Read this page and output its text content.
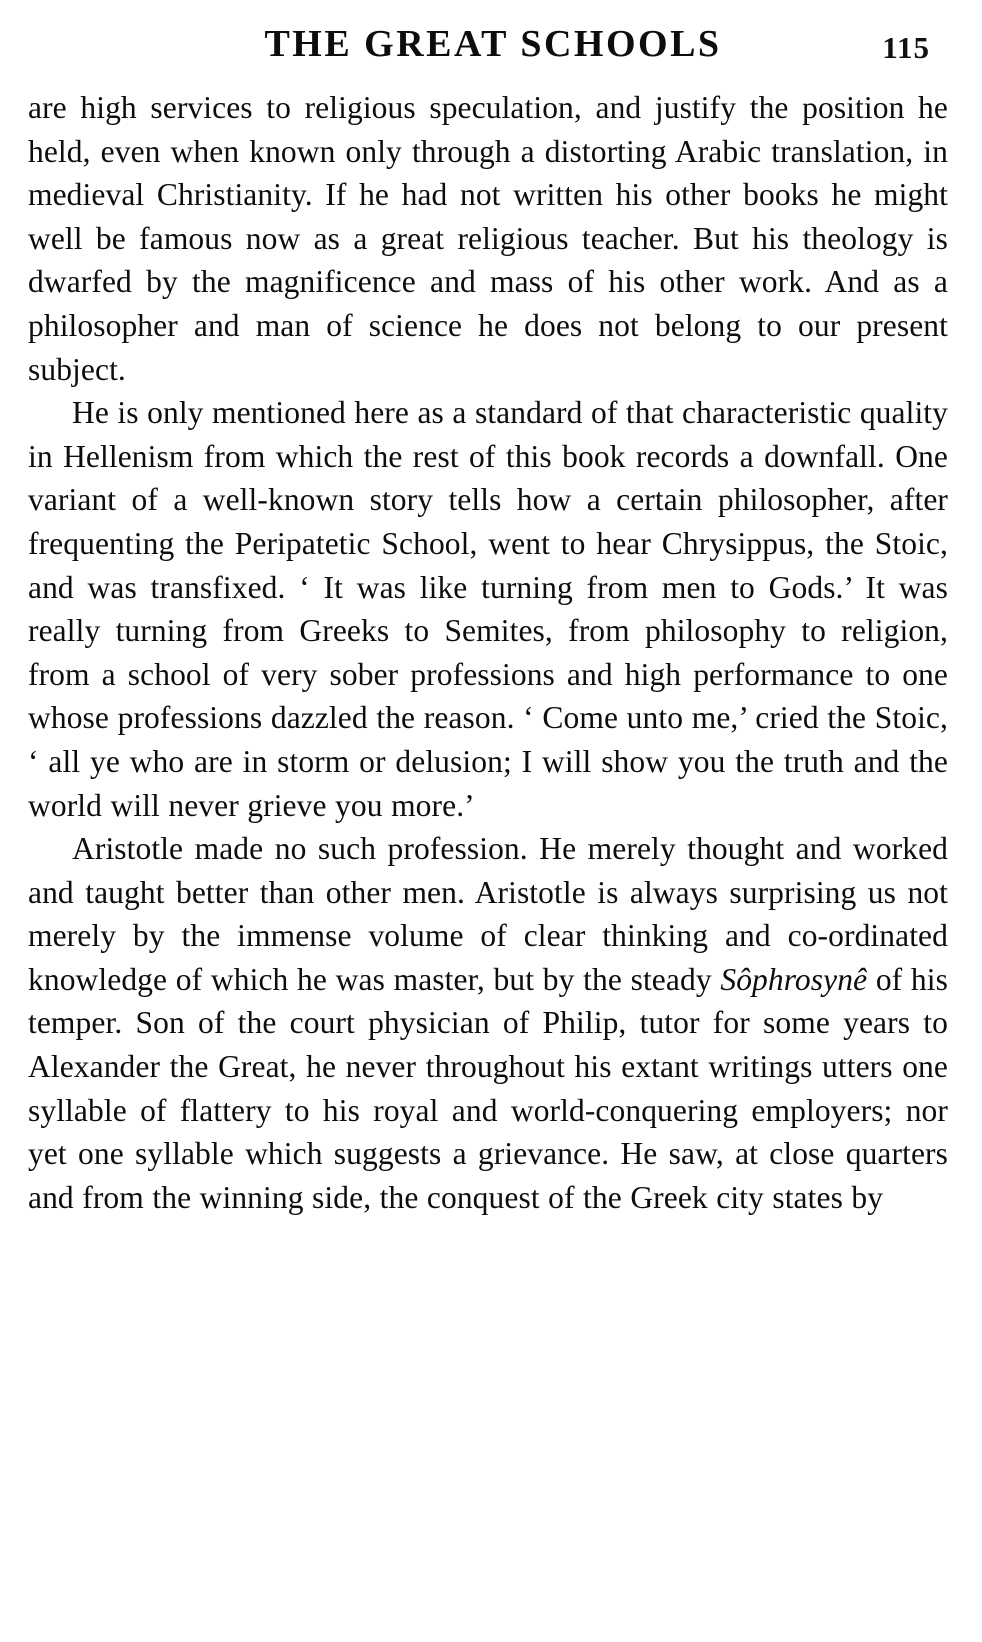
THE GREAT SCHOOLS	115

are high services to religious speculation, and justify the position he held, even when known only through a distorting Arabic translation, in medieval Christianity. If he had not written his other books he might well be famous now as a great religious teacher. But his theology is dwarfed by the magnificence and mass of his other work. And as a philosopher and man of science he does not belong to our present subject.

He is only mentioned here as a standard of that characteristic quality in Hellenism from which the rest of this book records a downfall. One variant of a well-known story tells how a certain philosopher, after frequenting the Peripatetic School, went to hear Chrysippus, the Stoic, and was transfixed. ‘ It was like turning from men to Gods.’ It was really turning from Greeks to Semites, from philosophy to religion, from a school of very sober professions and high performance to one whose professions dazzled the reason. ‘ Come unto me,’ cried the Stoic, ‘ all ye who are in storm or delusion; I will show you the truth and the world will never grieve you more.’

Aristotle made no such profession. He merely thought and worked and taught better than other men. Aristotle is always surprising us not merely by the immense volume of clear thinking and co-ordinated knowledge of which he was master, but by the steady Sôphrosynê of his temper. Son of the court physician of Philip, tutor for some years to Alexander the Great, he never throughout his extant writings utters one syllable of flattery to his royal and world-conquering employers; nor yet one syllable which suggests a grievance. He saw, at close quarters and from the winning side, the conquest of the Greek city states by
